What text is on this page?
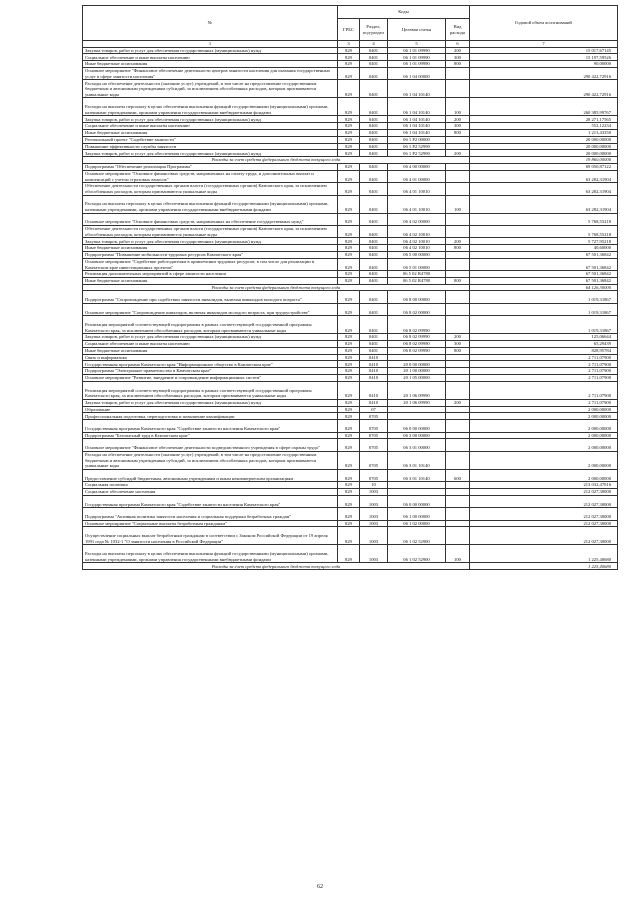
№	Коды				Годовой объем ассигнований
	ГРБС	Раздел, под-раздел	Целевая статья	Вид расхода	
1	3	4	5	6	7
Закупка товаров, работ и услуг для обеспечения государственных (муниципальных) нужд	829	0401	06 1 01 09990	200	15 017,67145
Социальное обеспечение и иные выплаты населению	829	0401	06 1 01 09990	300	15 197,59526
Иные бюджетные ассигнования	829	0401	06 1 01 09990	800	90,00000
Основное мероприятие "Финансовое обеспечение деятельности центров занятости населения для оказания государственных услуг в сфере занятости населения"	829	0401	06 1 04 00000		290 422,72916
Расходы на обеспечение деятельности (оказание услуг) учреждений, в том числе на предоставление государственным бюджетным и автономным учреждениям субсидий, за исключением обособленных расходов, которым присваиваются уникальные коды	829	0401	06 1 04 10140		290 422,72916
Расходы на выплаты персоналу в целях обеспечения выполнения функций государственными (муниципальными) органами, казенными учреждениями, органами управления государственными внебюджетными фондами	829	0401	06 1 04 10140	100	260 385,99767
Закупка товаров, работ и услуг для обеспечения государственных (муниципальных) нужд	829	0401	06 1 04 10140	200	28 271,17565
Социальное обеспечение и иные выплаты населению	829	0401	06 1 04 10140	300	552,12234
Иные бюджетные ассигнования	829	0401	06 1 04 10140	800	1 213,43350
Региональный проект "Содействие занятости"	829	0401	06 1 P2 00000		20 000,00000
Повышение эффективности службы занятости	829	0401	06 1 P2 52990		20 000,00000
Закупка товаров, работ и услуг для обеспечения государственных (муниципальных) нужд	829	0401	06 1 P2 52990	200	20 000,00000
Расходы за счет средств федерального бюджета текущего года					19 860,00000
Подпрограмма "Обеспечение реализации Программы"	829	0401	06 4 00 00000		69 050,87122
Основное мероприятие "Основное финансовых средств, направленных на оплату труда, и дополнительных выплат и компенсаций с учетом страховых взносов"	829	0401	06 4 01 00000		63 282,31904
Обеспечение деятельности государственных органов власти (государственных органов) Камчатского края, за исключением обособленных расходов, которым присваиваются уникальные коды	829	0401	06 4 01 10010		63 282,31904
Расходы на выплаты персоналу в целях обеспечения выполнения функций государственными (муниципальными) органами, казенными учреждениями, органами управления государственными внебюджетными фондами	829	0401	06 4 01 10010	100	63 282,31904
Основное мероприятие "Основное финансовых средств, направленных на обеспечение государственных нужд"	829	0401	06 4 02 00000		5 768,55218
Обеспечение деятельности государственных органов власти (государственных органов) Камчатского края, за исключением обособленных расходов, которым присваиваются уникальные коды	829	0401	06 4 02 10010		5 768,55218
Закупка товаров, работ и услуг для обеспечения государственных (муниципальных) нужд	829	0401	06 4 02 10010	200	5 727,95218
Иные бюджетные ассигнования	829	0401	06 4 02 10010	800	40,60000
Подпрограмма "Повышение мобильности трудовых ресурсов Камчатского края"	829	0401	06 5 00 00000		67 501,36842
Основное мероприятие "Содействие работодателям в привлечении трудовых ресурсов, в том числе для реализации в Камчатском крае инвестиционных проектов"	829	0401	06 5 01 00000		67 501,36842
Реализация дополнительных мероприятий в сфере занятости населения	829	0401	06 5 02 R4780		67 501,36842
Иные бюджетные ассигнования	829	0401	06 5 02 R4780	800	67 501,36842
Расходы за счет средств федерального бюджета текущего года					64 126,30000
Подпрограмма "Сопровождение при содействии занятости инвалидов, включая инвалидов молодого возраста"	829	0401	06 8 00 00000		1 019,31867
Основное мероприятие "Сопровождение инвалидов, включая инвалидов молодого возраста, при трудоустройстве"	829	0401	06 8 02 00000		1 019,31867
Реализация мероприятий соответствующей подпрограммы в рамках соответствующей государственной программы Камчатского края, за исключением обособленных расходов, которым присваиваются уникальные коды	829	0401	06 8 02 09990		1 019,31867
Закупка товаров, работ и услуг для обеспечения государственных (муниципальных) нужд	829	0401	06 8 02 09990	200	125,06644
Социальное обеспечение и иные выплаты населению	829	0401	06 8 02 09990	300	65,29439
Иные бюджетные ассигнования	829	0401	06 8 02 09990	800	828,95784
Связь и информатика	829	0410			2 711,07900
Государственная программа Камчатского края "Информационное общество в Камчатском крае"	829	0410	20 0 00 00000		2 711,07900
Подпрограмма "Электронное правительство в Камчатском крае"	829	0410	20 1 00 00000		2 711,07900
Основное мероприятие "Развитие, внедрение и сопровождение информационных систем"	829	0410	20 1 05 00000		2 711,07900
Реализация мероприятий соответствующей подпрограммы в рамках соответствующей государственной программы Камчатского края, за исключением обособленных расходов, которым присваиваются уникальные коды	829	0410	20 1 06 09990		2 711,07900
Закупка товаров, работ и услуг для обеспечения государственных (муниципальных) нужд	829	0410	20 1 06 09990	200	2 711,07900
Образование	829	07			2 000,00000
Профессиональная подготовка, переподготовка и повышение квалификации	829	0705			2 000,00000
Государственная программа Камчатского края "Содействие занятости населения Камчатского края"	829	0705	06 0 00 00000		2 000,00000
Подпрограмма "Безопасный труд в Камчатском крае"	829	0705	06 3 00 00000		2 000,00000
Основное мероприятие "Финансовое обеспечение деятельности подведомственного учреждения в сфере охраны труда"	829	0705	06 3 01 00000		2 000,00000
Расходы на обеспечение деятельности (оказание услуг) учреждений, в том числе на предоставление государственным бюджетным и автономным учреждениям субсидий, за исключением обособленных расходов, которым присваиваются уникальные коды	829	0705	06 3 01 10140		2 000,00000
Предоставление субсидий бюджетным, автономным учреждениям и иным некоммерческим организациям	829	0705	06 3 01 10140	600	2 000,00000
Социальная политика	829	10			213 032,47016
Социальное обеспечение населения	829	1003			212 027,30000
Государственная программа Камчатского края "Содействие занятости населения Камчатского края"	829	1003	06 0 00 00000		212 027,30000
Подпрограмма "Активная политика занятости населения и социальная поддержка безработных граждан"	829	1003	06 1 00 00000		212 027,30000
Основное мероприятие "Социальные выплаты безработным гражданам"	829	1003	06 1 02 00000		212 027,30000
Осуществление социальных выплат безработным гражданам в соответствии с Законом Российской Федерации от 19 апреля 1991 года № 1032-1 "О занятости населения в Российской Федерации"	829	1003	06 1 02 52900		212 027,30000
Расходы на выплаты персоналу в целях обеспечения выполнения функций государственными (муниципальными) органами, казенными учреждениями, органами управления государственными внебюджетными фондами	829	1003	06 1 02 52900	100	1 225,40680
Расходы за счет средств федерального бюджета текущего года					1 225,40680
62
